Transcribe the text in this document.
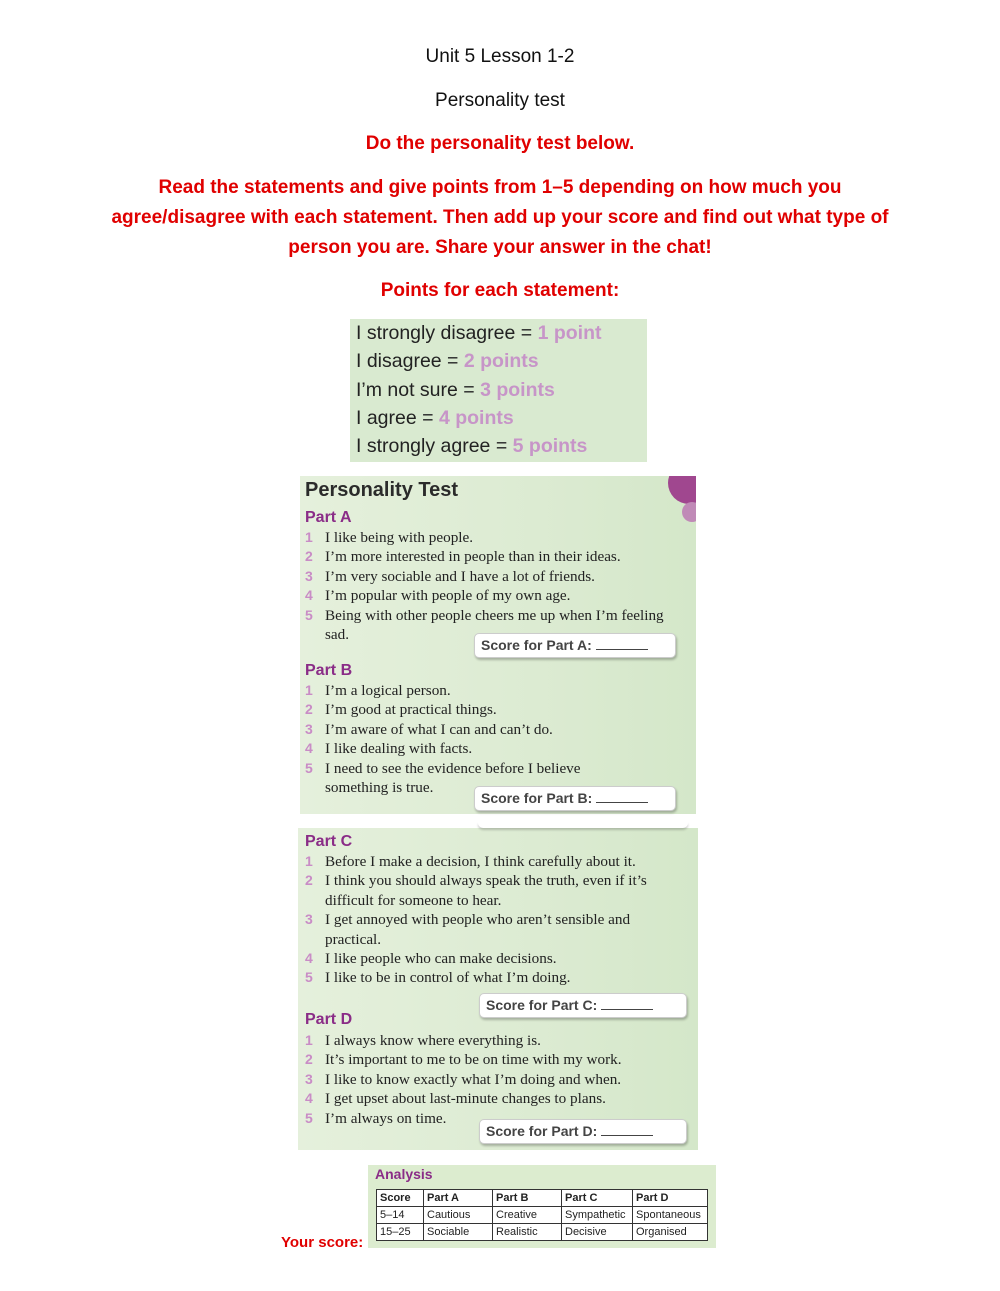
Unit 5 Lesson 1-2
Personality test
Do the personality test below.
Read the statements and give points from 1–5 depending on how much you agree/disagree with each statement. Then add up your score and find out what type of person you are. Share your answer in the chat!
Points for each statement:
I strongly disagree = 1 point
I disagree = 2 points
I’m not sure = 3 points
I agree = 4 points
I strongly agree = 5 points
Personality Test
Part A
1 I like being with people.
2 I’m more interested in people than in their ideas.
3 I’m very sociable and I have a lot of friends.
4 I’m popular with people of my own age.
5 Being with other people cheers me up when I’m feeling sad.
Score for Part A:
Part B
1 I’m a logical person.
2 I’m good at practical things.
3 I’m aware of what I can and can’t do.
4 I like dealing with facts.
5 I need to see the evidence before I believe something is true.
Score for Part B:
Part C
1 Before I make a decision, I think carefully about it.
2 I think you should always speak the truth, even if it’s difficult for someone to hear.
3 I get annoyed with people who aren’t sensible and practical.
4 I like people who can make decisions.
5 I like to be in control of what I’m doing.
Score for Part C:
Part D
1 I always know where everything is.
2 It’s important to me to be on time with my work.
3 I like to know exactly what I’m doing and when.
4 I get upset about last-minute changes to plans.
5 I’m always on time.
Score for Part D:
Analysis
Score	Part A	Part B	Part C	Part D
5–14	Cautious	Creative	Sympathetic	Spontaneous
15–25	Sociable	Realistic	Decisive	Organised
Your score:
